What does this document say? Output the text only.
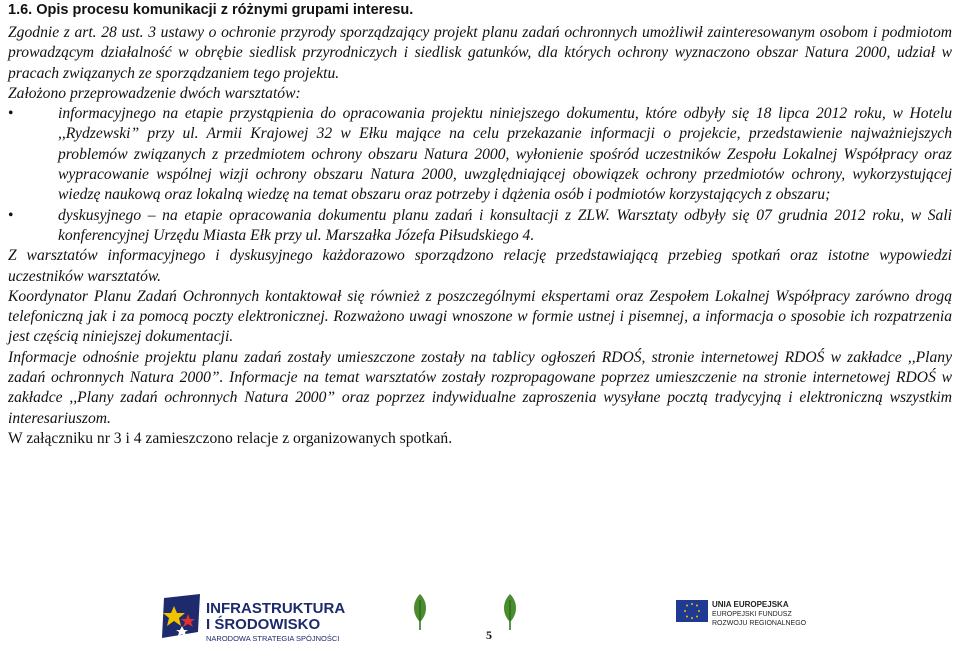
1.6. Opis procesu komunikacji z różnymi grupami interesu.

Zgodnie z art. 28 ust. 3 ustawy o ochronie przyrody sporządzający projekt planu zadań ochronnych umożliwił zainteresowanym osobom i podmiotom prowadzącym działalność w obrębie siedlisk przyrodniczych i siedlisk gatunków, dla których ochrony wyznaczono obszar Natura 2000, udział w pracach związanych ze sporządzaniem tego projektu.

Założono przeprowadzenie dwóch warsztatów:

•	informacyjnego na etapie przystąpienia do opracowania projektu niniejszego dokumentu, które odbyły się 18 lipca 2012 roku, w Hotelu ,,Rydzewski” przy ul. Armii Krajowej 32 w Ełku mające na celu przekazanie informacji o projekcie, przedstawienie najważniejszych problemów związanych z przedmiotem ochrony obszaru Natura 2000, wyłonienie spośród uczestników Zespołu Lokalnej Współpracy oraz wypracowanie wspólnej wizji ochrony obszaru Natura 2000, uwzględniającej obowiązek ochrony przedmiotów ochrony, wykorzystującej wiedzę naukową oraz lokalną wiedzę na temat obszaru oraz potrzeby i dążenia osób i podmiotów korzystających z obszaru;
•	dyskusyjnego – na etapie opracowania dokumentu planu zadań i konsultacji z ZLW. Warsztaty odbyły się 07 grudnia 2012 roku, w Sali konferencyjnej Urzędu Miasta Ełk przy ul. Marszałka Józefa Piłsudskiego 4.

Z warsztatów informacyjnego i dyskusyjnego każdorazowo sporządzono relację przedstawiającą przebieg spotkań oraz istotne wypowiedzi uczestników warsztatów.

Koordynator Planu Zadań Ochronnych kontaktował się również z poszczególnymi ekspertami oraz Zespołem Lokalnej Współpracy zarówno drogą telefoniczną jak i za pomocą poczty elektronicznej. Rozważono uwagi wnoszone w formie ustnej i pisemnej, a informacja o sposobie ich rozpatrzenia jest częścią niniejszej dokumentacji.

Informacje odnośnie projektu planu zadań zostały umieszczone zostały na tablicy ogłoszeń RDOŚ, stronie internetowej RDOŚ w zakładce ,,Plany zadań ochronnych Natura 2000”. Informacje na temat warsztatów zostały rozpropagowane poprzez umieszczenie na stronie internetowej RDOŚ w zakładce ,,Plany zadań ochronnych Natura 2000” oraz poprzez indywidualne zaproszenia wysyłane pocztą tradycyjną i elektroniczną wszystkim interesariuszom.

W załączniku nr 3 i 4 zamieszczono relacje z organizowanych spotkań.

INFRASTRUKTURA
I ŚRODOWISKO
NARODOWA STRATEGIA SPÓJNOŚCI	5
UNIA EUROPEJSKA
EUROPEJSKI FUNDUSZ
ROZWOJU REGIONALNEGO
